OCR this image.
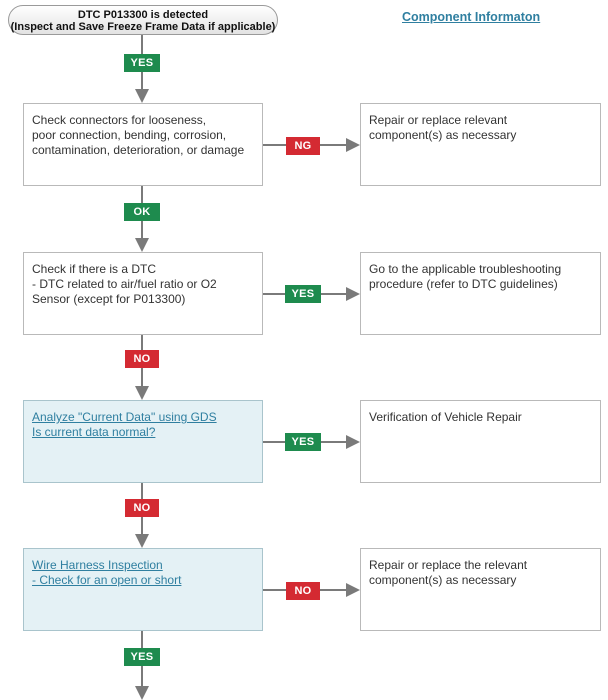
DTC P013300 is detected
(Inspect and Save Freeze Frame Data if applicable)
Component Informaton
YES
Check connectors for looseness,
poor connection, bending, corrosion,
contamination, deterioration, or damage	NG
Repair or replace relevant
component(s) as necessary
OK
Check if there is a DTC
- DTC related to air/fuel ratio or O2
Sensor (except for P013300)	YES
Go to the applicable troubleshooting
procedure (refer to DTC guidelines)
NO
Analyze "Current Data" using GDS
Is current data normal?
YES
Verification of Vehicle Repair
NO
Wire Harness Inspection
- Check for an open or short
NO
Repair or replace the relevant
component(s) as necessary
YES
